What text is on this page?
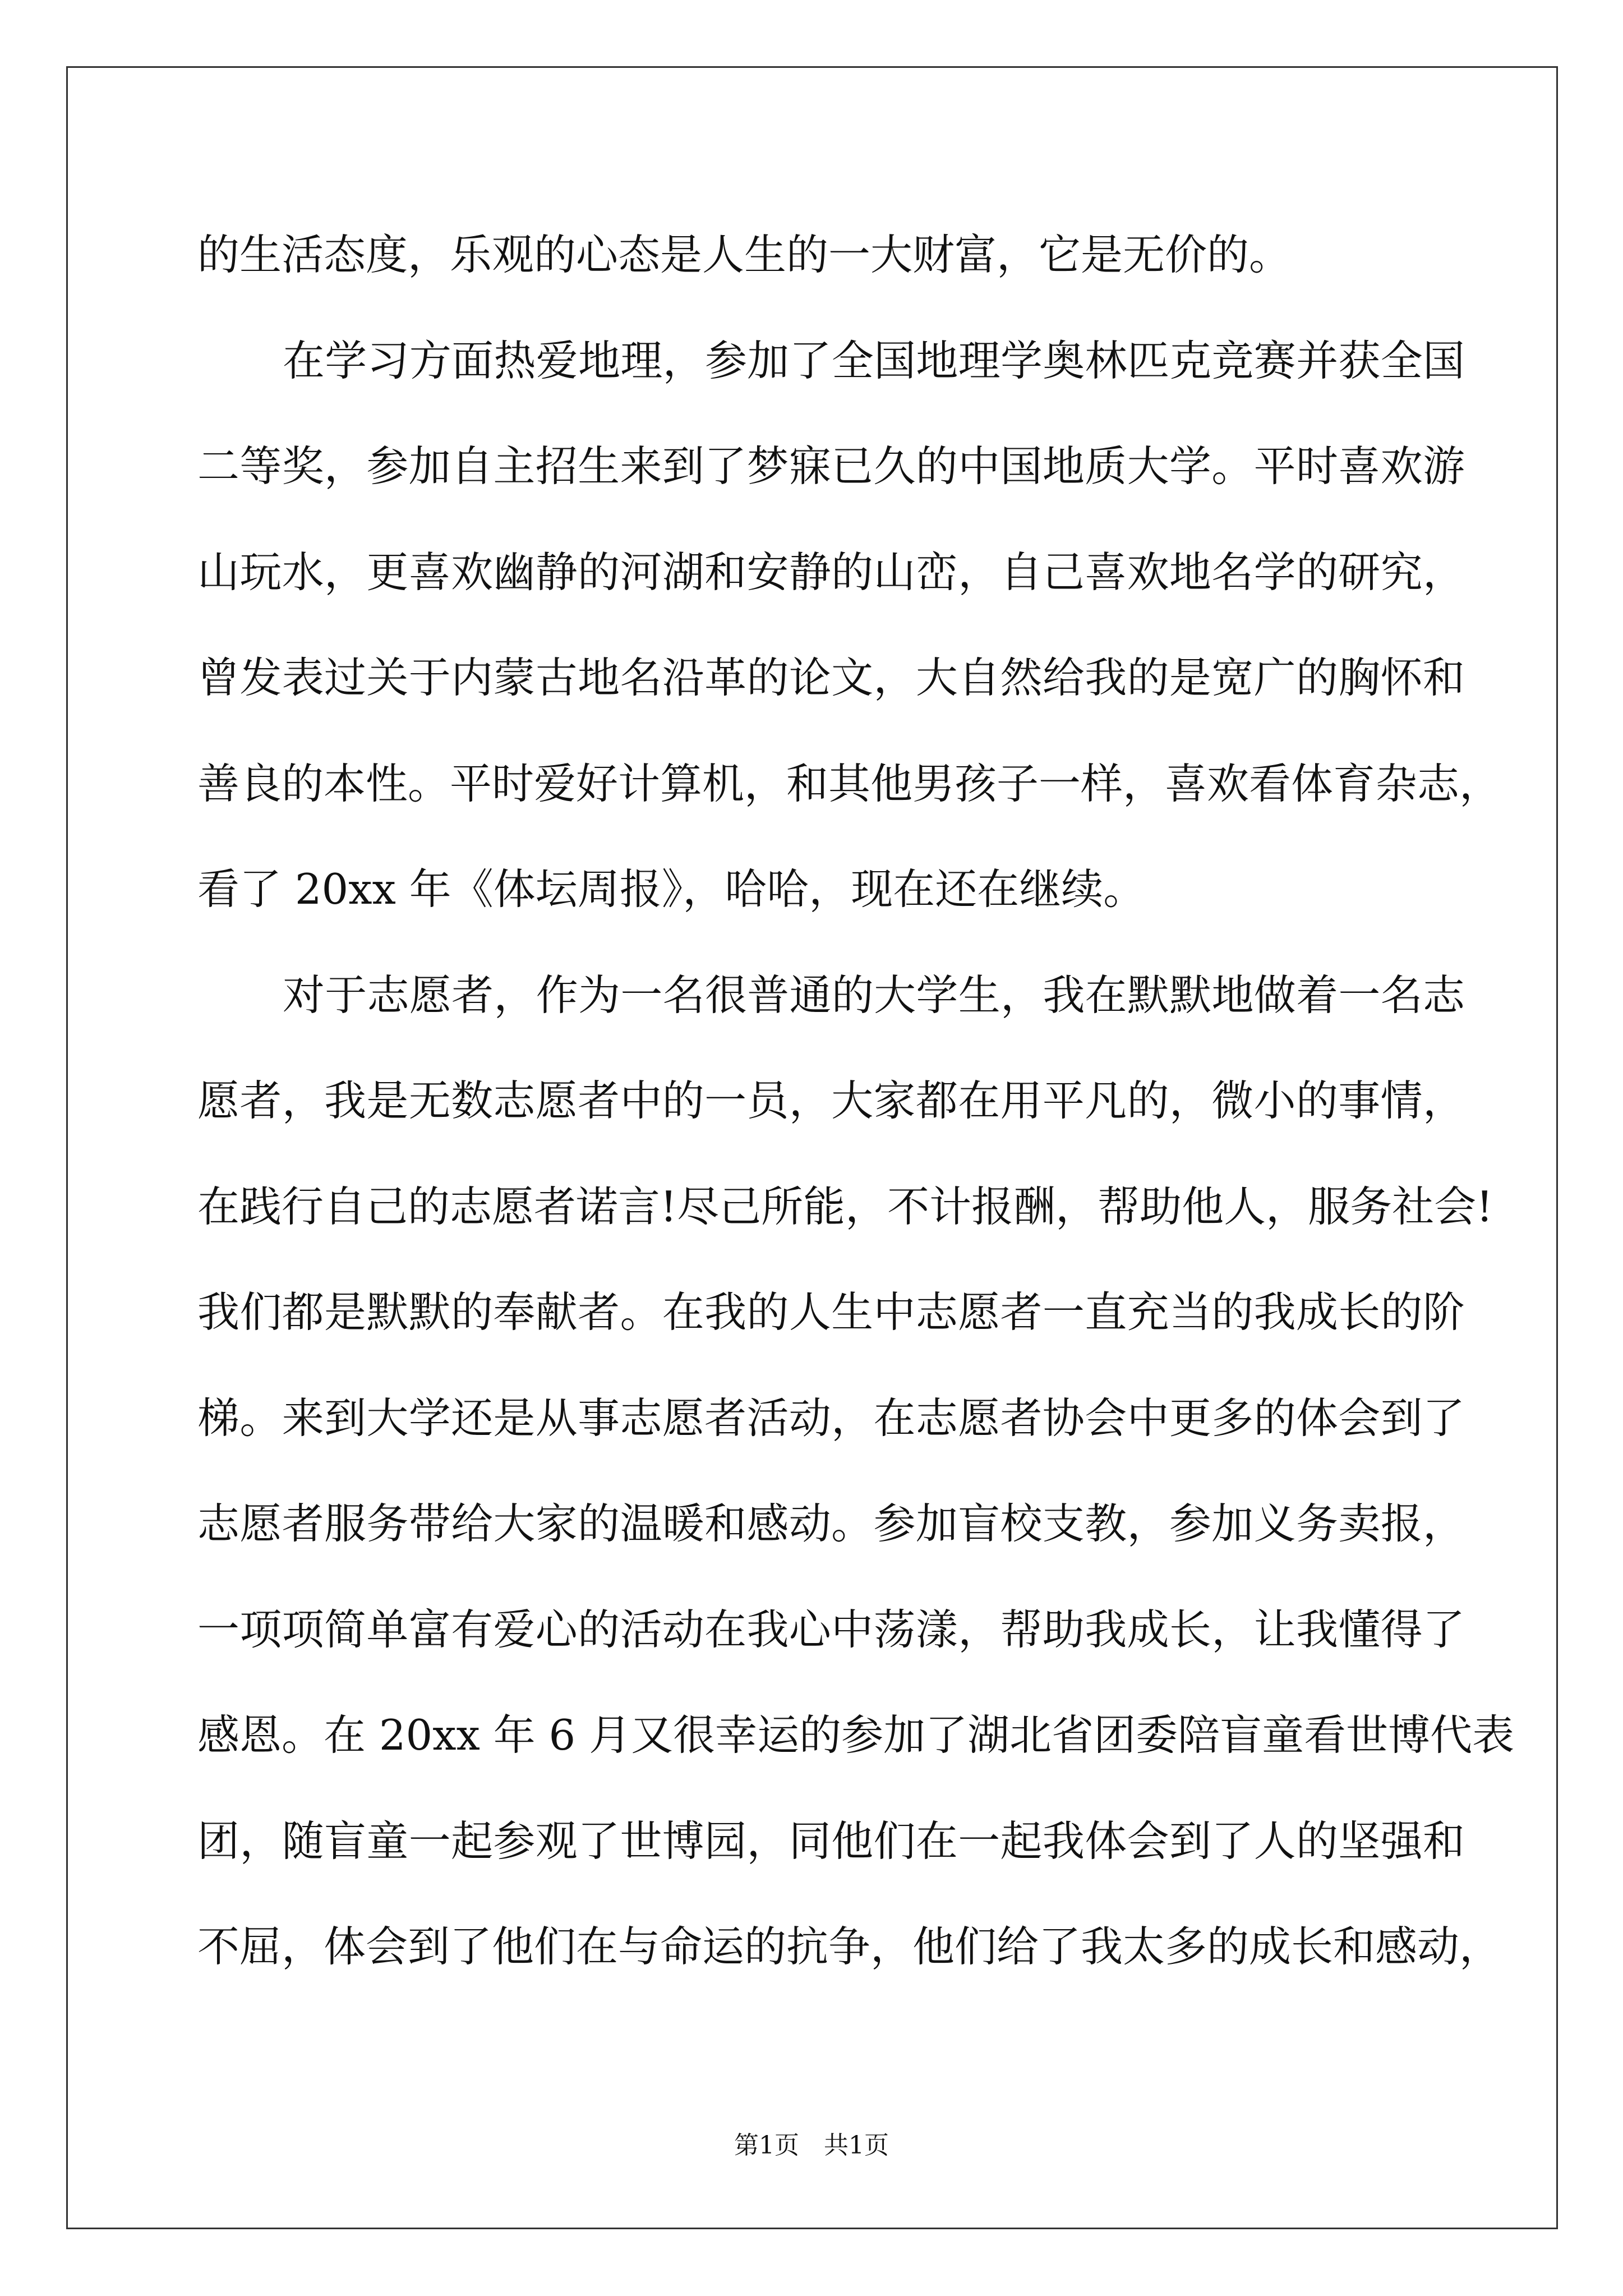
的生活态度，乐观的心态是人生的一大财富，它是无价的。
在学习方面热爱地理，参加了全国地理学奥林匹克竞赛并获全国
二等奖，参加自主招生来到了梦寐已久的中国地质大学。平时喜欢游
山玩水，更喜欢幽静的河湖和安静的山峦，自己喜欢地名学的研究，
曾发表过关于内蒙古地名沿革的论文，大自然给我的是宽广的胸怀和
善良的本性。平时爱好计算机，和其他男孩子一样，喜欢看体育杂志，
看了 20xx 年《体坛周报》，哈哈，现在还在继续。
对于志愿者，作为一名很普通的大学生，我在默默地做着一名志
愿者，我是无数志愿者中的一员，大家都在用平凡的，微小的事情，
在践行自己的志愿者诺言!尽己所能，不计报酬，帮助他人，服务社会!
我们都是默默的奉献者。在我的人生中志愿者一直充当的我成长的阶
梯。来到大学还是从事志愿者活动，在志愿者协会中更多的体会到了
志愿者服务带给大家的温暖和感动。参加盲校支教，参加义务卖报，
一项项简单富有爱心的活动在我心中荡漾，帮助我成长，让我懂得了
感恩。在 20xx 年 6 月又很幸运的参加了湖北省团委陪盲童看世博代表
团，随盲童一起参观了世博园，同他们在一起我体会到了人的坚强和
不屈，体会到了他们在与命运的抗争，他们给了我太多的成长和感动，
第1页　共1页
